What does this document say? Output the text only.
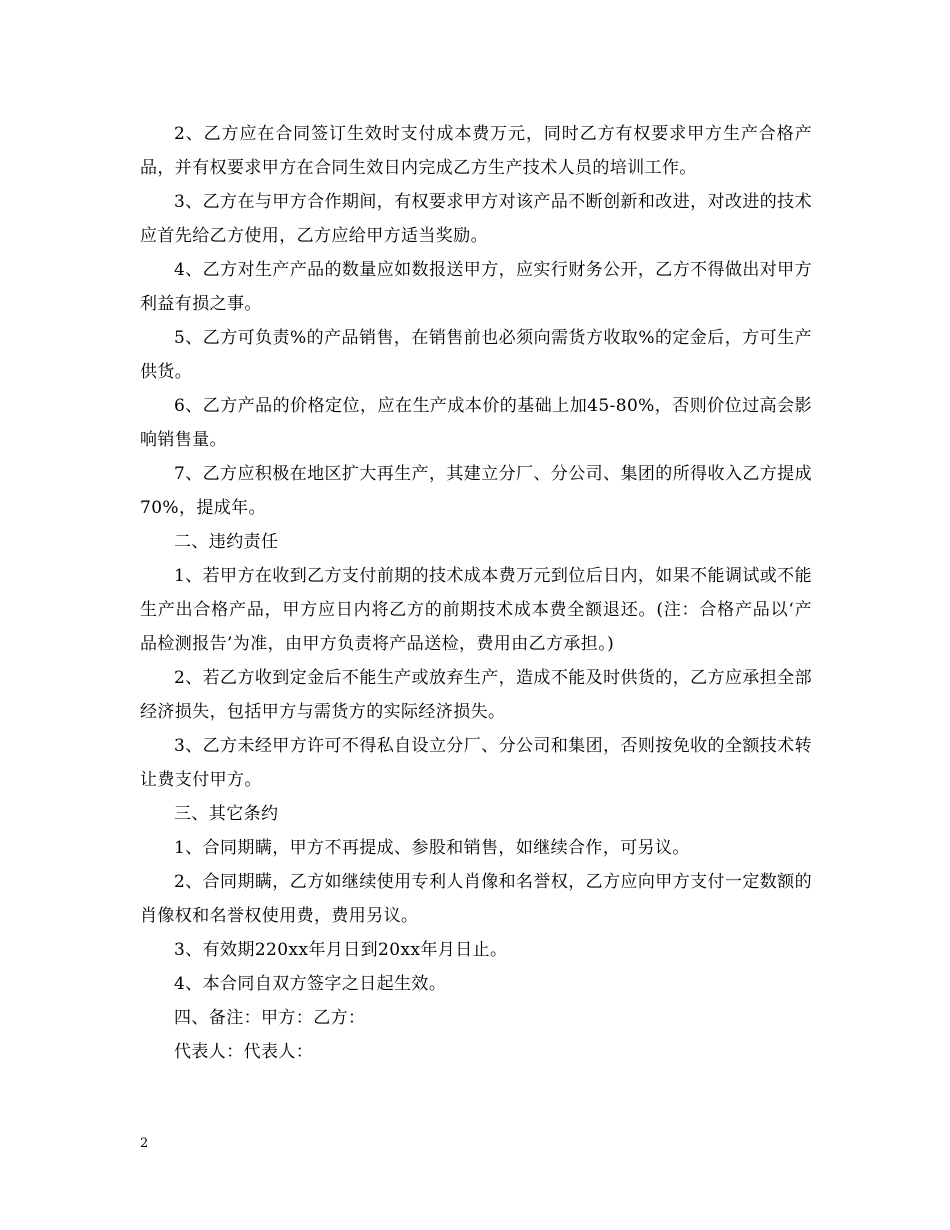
2、乙方应在合同签订生效时支付成本费万元，同时乙方有权要求甲方生产合格产品，并有权要求甲方在合同生效日内完成乙方生产技术人员的培训工作。

3、乙方在与甲方合作期间，有权要求甲方对该产品不断创新和改进，对改进的技术应首先给乙方使用，乙方应给甲方适当奖励。

4、乙方对生产产品的数量应如数报送甲方，应实行财务公开，乙方不得做出对甲方利益有损之事。

5、乙方可负责%的产品销售，在销售前也必须向需货方收取%的定金后，方可生产供货。

6、乙方产品的价格定位，应在生产成本价的基础上加45-80%，否则价位过高会影响销售量。

7、乙方应积极在地区扩大再生产，其建立分厂、分公司、集团的所得收入乙方提成70%，提成年。

二、违约责任

1、若甲方在收到乙方支付前期的技术成本费万元到位后日内，如果不能调试或不能生产出合格产品，甲方应日内将乙方的前期技术成本费全额退还。(注：合格产品以‘产品检测报告’为准，由甲方负责将产品送检，费用由乙方承担。)

2、若乙方收到定金后不能生产或放弃生产，造成不能及时供货的，乙方应承担全部经济损失，包括甲方与需货方的实际经济损失。

3、乙方未经甲方许可不得私自设立分厂、分公司和集团，否则按免收的全额技术转让费支付甲方。

三、其它条约

1、合同期瞒，甲方不再提成、参股和销售，如继续合作，可另议。

2、合同期瞒，乙方如继续使用专利人肖像和名誉权，乙方应向甲方支付一定数额的肖像权和名誉权使用费，费用另议。

3、有效期220xx年月日到20xx年月日止。

4、本合同自双方签字之日起生效。

四、备注：甲方：乙方：

代表人：代表人：

2
